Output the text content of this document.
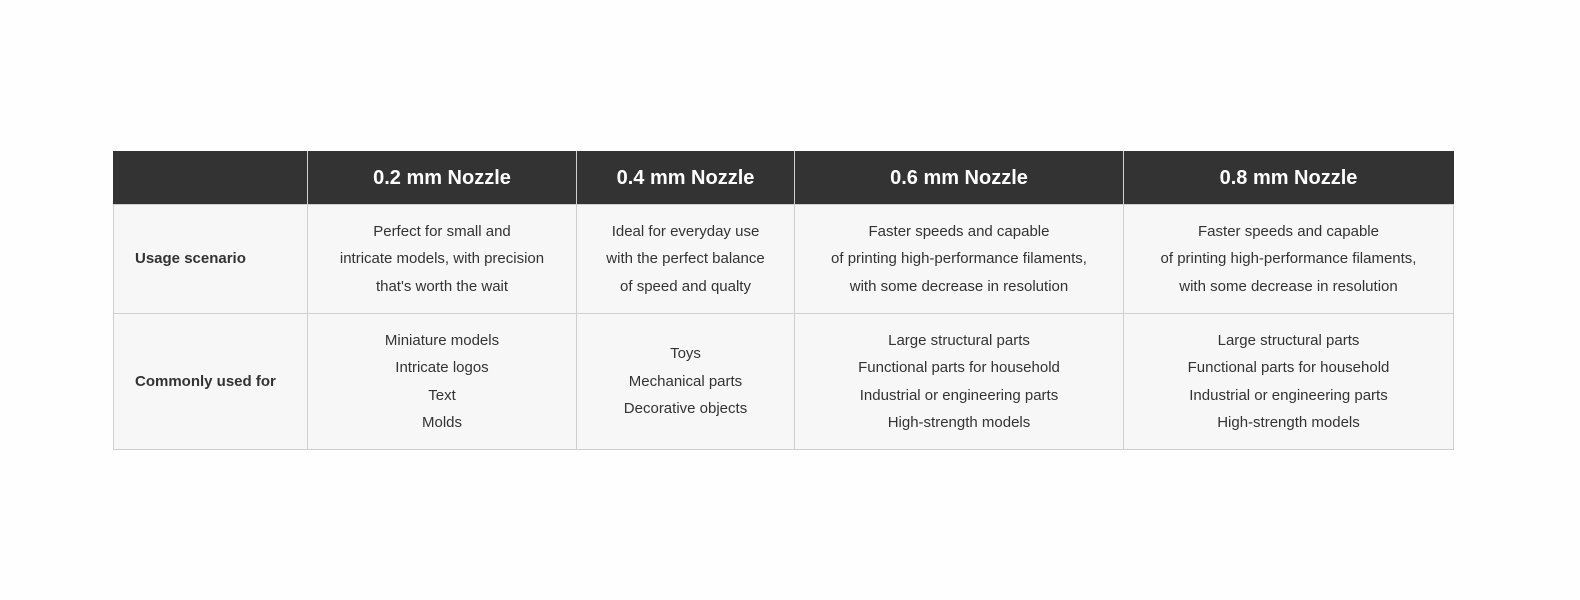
	0.2 mm Nozzle	0.4 mm Nozzle	0.6 mm Nozzle	0.8 mm Nozzle
Usage scenario	Perfect for small and
intricate models, with precision
that's worth the wait	Ideal for everyday use
with the perfect balance
of speed and qualty	Faster speeds and capable
of printing high-performance filaments,
with some decrease in resolution	Faster speeds and capable
of printing high-performance filaments,
with some decrease in resolution

Commonly used for	Miniature models
Intricate logos
Text
Molds	Toys
Mechanical parts
Decorative objects	Large structural parts
Functional parts for household
Industrial or engineering parts
High-strength models	Large structural parts
Functional parts for household
Industrial or engineering parts
High-strength models
